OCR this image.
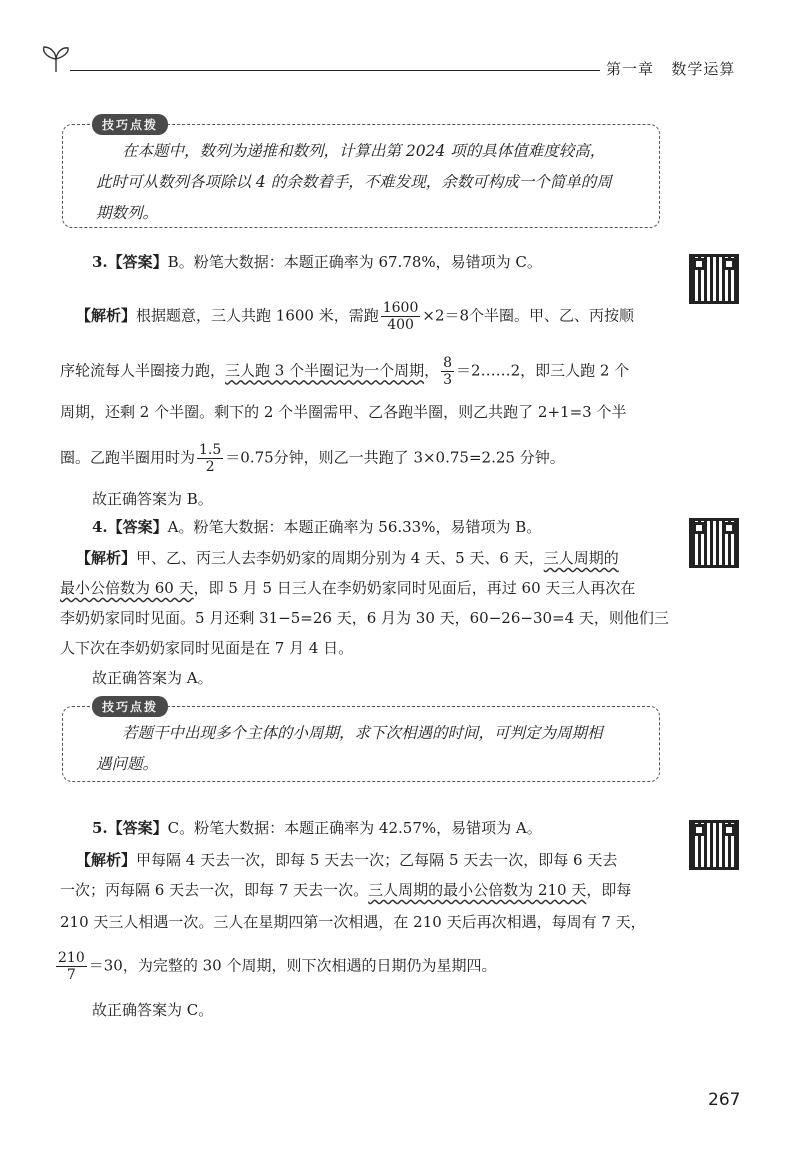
第一章 数学运算
技巧点拨
在本题中，数列为递推和数列，计算出第 2024 项的具体值难度较高，
此时可从数列各项除以 4 的余数着手，不难发现，余数可构成一个简单的周
期数列。
3.【答案】B。粉笔大数据：本题正确率为 67.78%，易错项为 C。
【解析】根据题意，三人共跑 1600 米，需跑 $\frac{1600}{400} \times 2=8$个半圈。甲、乙、丙按顺
序轮流每人半圈接力跑，三人跑 3 个半圈记为一个周期， $\frac{8}{3}$ ＝2……2，即三人跑 2 个
周期，还剩 2 个半圈。剩下的 2 个半圈需甲、乙各跑半圈，则乙共跑了 2+1=3 个半
圈。乙跑半圈用时为 $\frac{1.5}{2} =0.75$分钟，则乙一共跑了 3×0.75=2.25 分钟。
故正确答案为 B。
4.【答案】A。粉笔大数据：本题正确率为 56.33%，易错项为 B。
【解析】甲、乙、丙三人去李奶奶家的周期分别为 4 天、5 天、6 天，三人周期的
最小公倍数为 60 天，即 5 月 5 日三人在李奶奶家同时见面后，再过 60 天三人再次在
李奶奶家同时见面。5 月还剩 31−5=26 天，6 月为 30 天，60−26−30=4 天，则他们三
人下次在李奶奶家同时见面是在 7 月 4 日。
故正确答案为 A。
技巧点拨
若题干中出现多个主体的小周期，求下次相遇的时间，可判定为周期相
遇问题。
5.【答案】C。粉笔大数据：本题正确率为 42.57%，易错项为 A。
【解析】甲每隔 4 天去一次，即每 5 天去一次；乙每隔 5 天去一次，即每 6 天去
一次；丙每隔 6 天去一次，即每 7 天去一次。三人周期的最小公倍数为 210 天，即每
210 天三人相遇一次。三人在星期四第一次相遇，在 210 天后再次相遇，每周有 7 天，
$\frac{210}{7} =30$，为完整的 30 个周期，则下次相遇的日期仍为星期四。
故正确答案为 C。
267
